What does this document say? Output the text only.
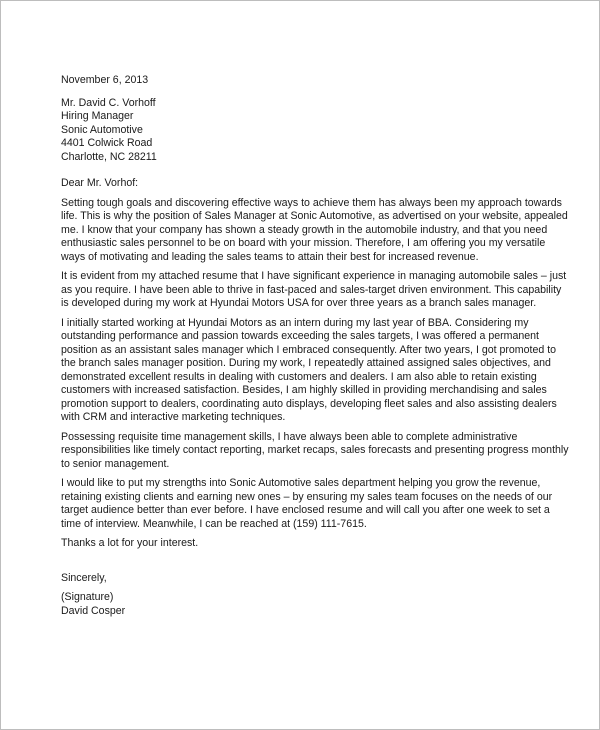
November 6, 2013
Mr. David C. Vorhoff
Hiring Manager
Sonic Automotive
4401 Colwick Road
Charlotte, NC 28211
Dear Mr. Vorhof:
Setting tough goals and discovering effective ways to achieve them has always been my approach towards
life. This is why the position of Sales Manager at Sonic Automotive, as advertised on your website, appealed
me. I know that your company has shown a steady growth in the automobile industry, and that you need
enthusiastic sales personnel to be on board with your mission. Therefore, I am offering you my versatile
ways of motivating and leading the sales teams to attain their best for increased revenue.
It is evident from my attached resume that I have significant experience in managing automobile sales – just
as you require. I have been able to thrive in fast-paced and sales-target driven environment. This capability
is developed during my work at Hyundai Motors USA for over three years as a branch sales manager.
I initially started working at Hyundai Motors as an intern during my last year of BBA. Considering my
outstanding performance and passion towards exceeding the sales targets, I was offered a permanent
position as an assistant sales manager which I embraced consequently. After two years, I got promoted to
the branch sales manager position. During my work, I repeatedly attained assigned sales objectives, and
demonstrated excellent results in dealing with customers and dealers. I am also able to retain existing
customers with increased satisfaction. Besides, I am highly skilled in providing merchandising and sales
promotion support to dealers, coordinating auto displays, developing fleet sales and also assisting dealers
with CRM and interactive marketing techniques.
Possessing requisite time management skills, I have always been able to complete administrative
responsibilities like timely contact reporting, market recaps, sales forecasts and presenting progress monthly
to senior management.
I would like to put my strengths into Sonic Automotive sales department helping you grow the revenue,
retaining existing clients and earning new ones – by ensuring my sales team focuses on the needs of our
target audience better than ever before. I have enclosed resume and will call you after one week to set a
time of interview. Meanwhile, I can be reached at (159) 111-7615.
Thanks a lot for your interest.
Sincerely,
(Signature)
David Cosper
